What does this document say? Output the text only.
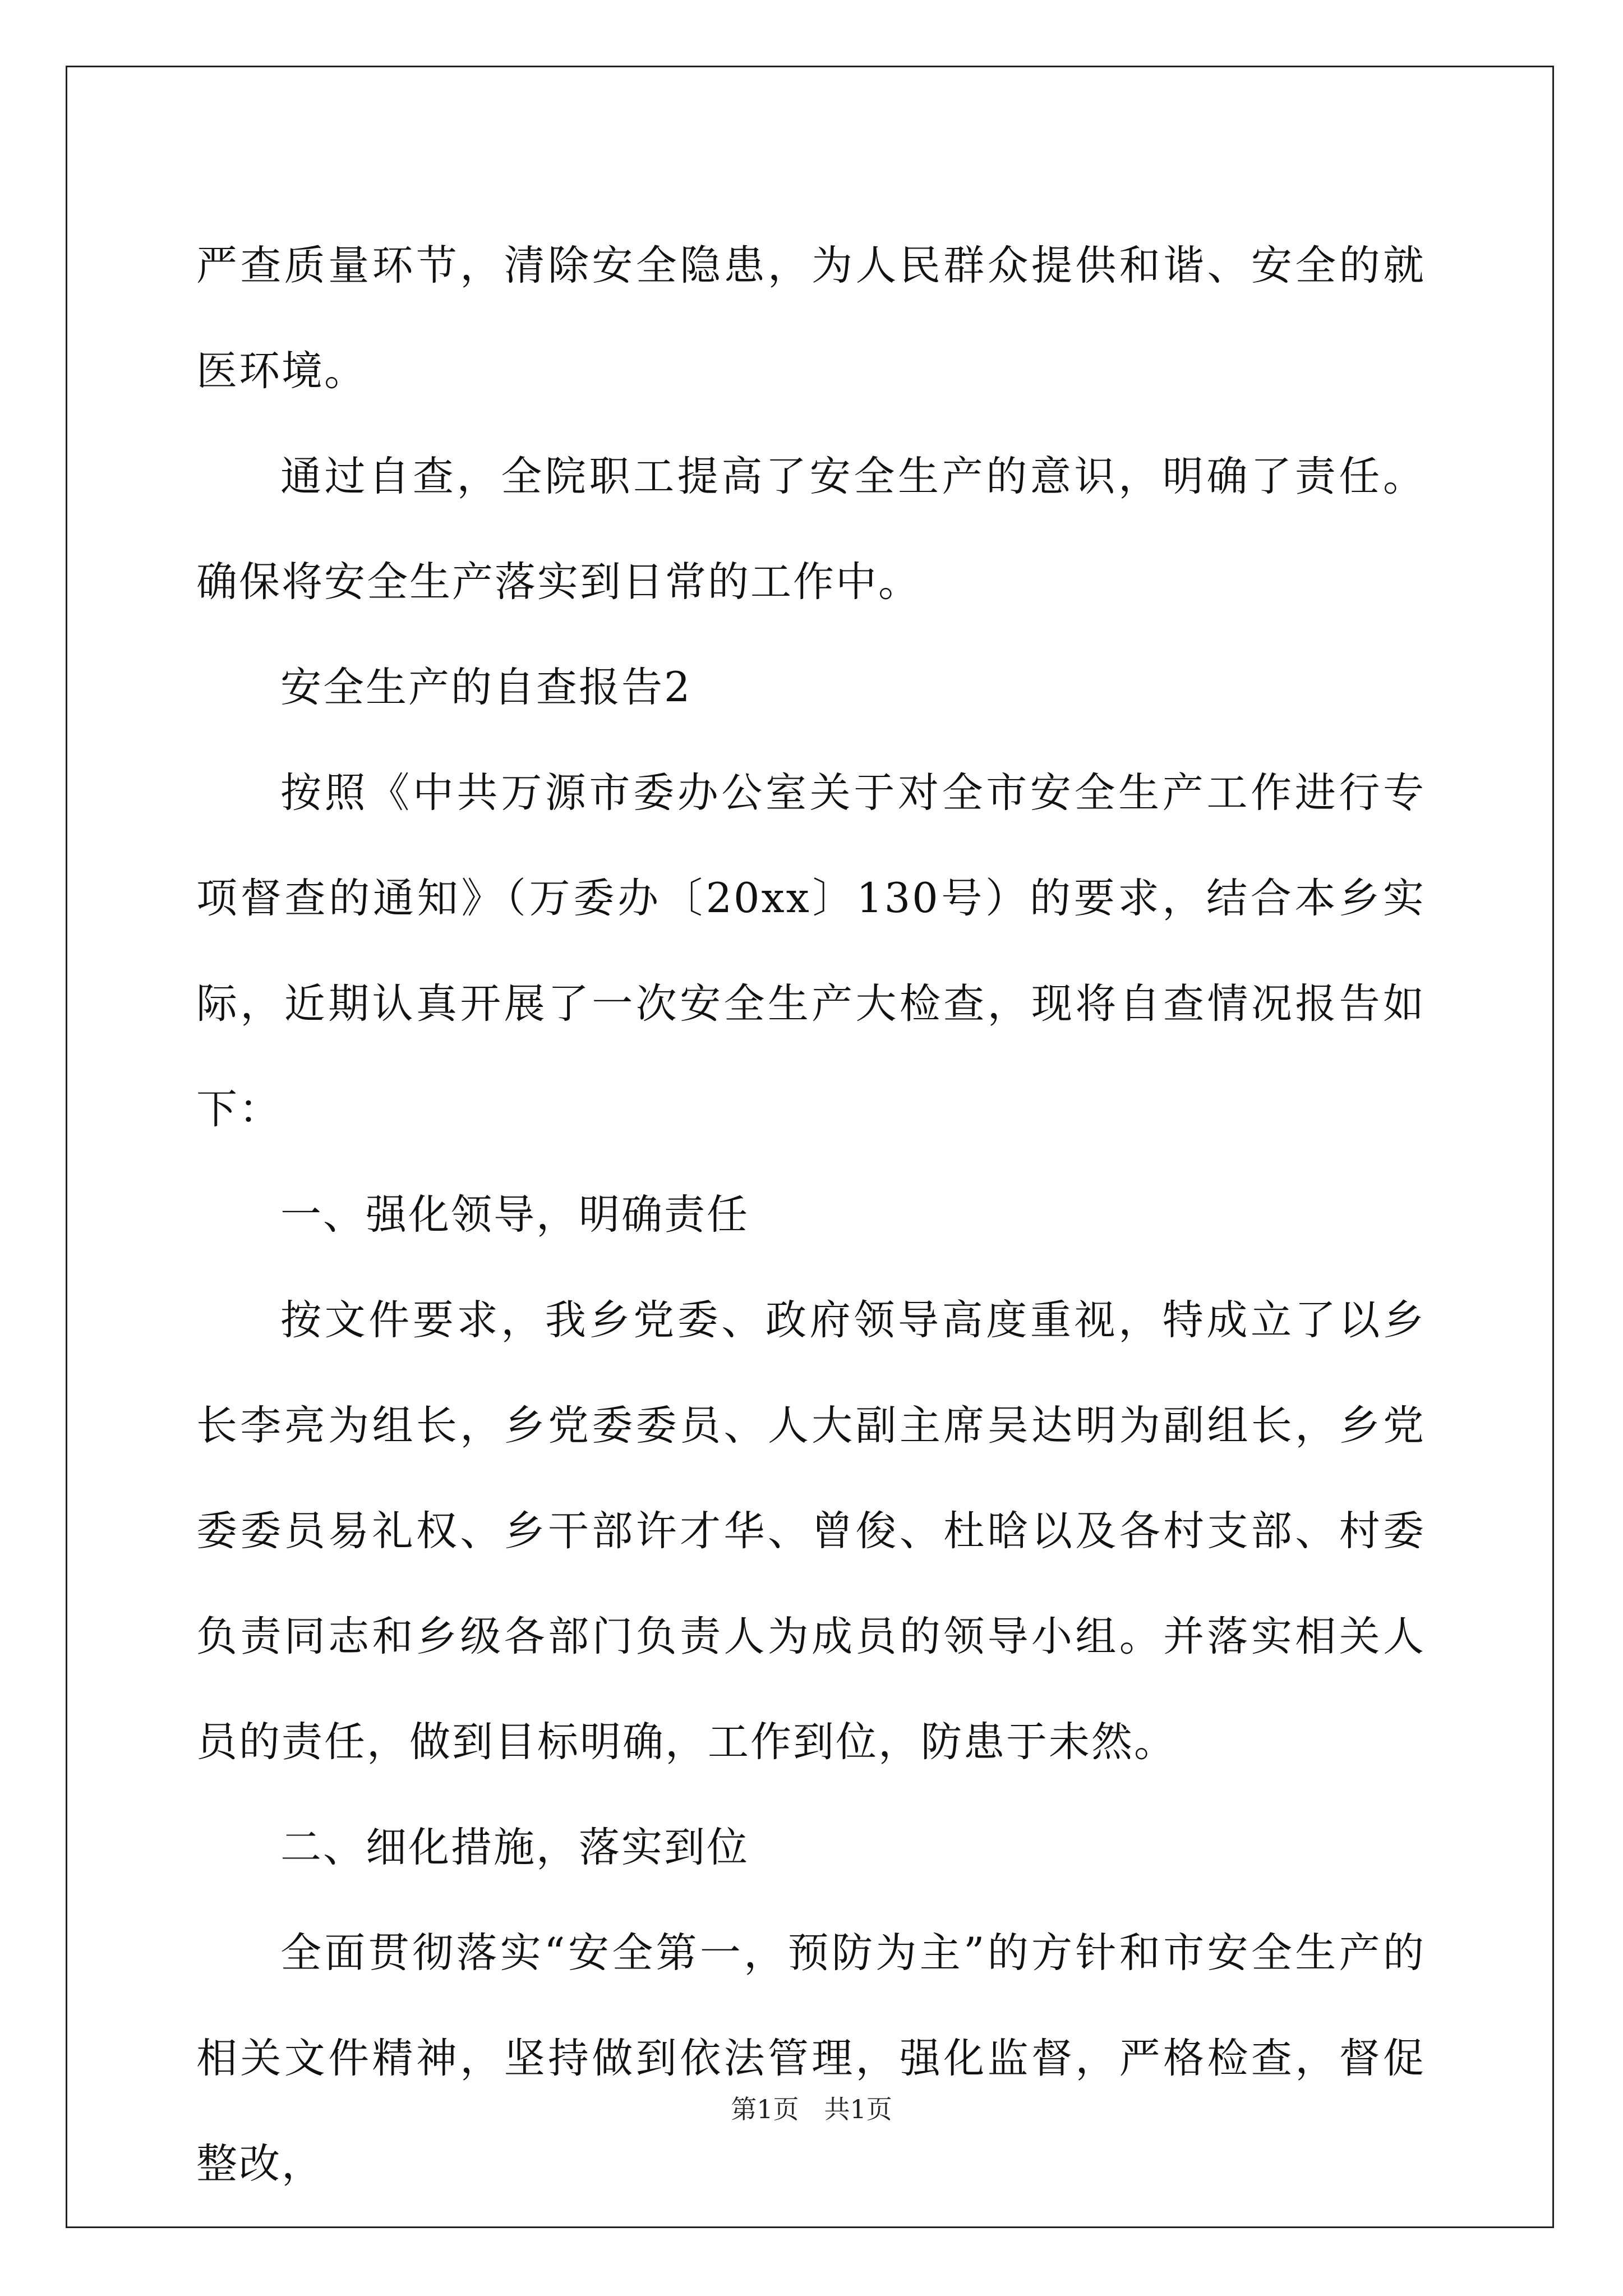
严查质量环节，清除安全隐患，为人民群众提供和谐、安全的就医环境。

通过自查，全院职工提高了安全生产的意识，明确了责任。确保将安全生产落实到日常的工作中。

安全生产的自查报告2

按照《中共万源市委办公室关于对全市安全生产工作进行专项督查的通知》（万委办〔20xx〕130号）的要求，结合本乡实际，近期认真开展了一次安全生产大检查，现将自查情况报告如下：

一、强化领导，明确责任

按文件要求，我乡党委、政府领导高度重视，特成立了以乡长李亮为组长，乡党委委员、人大副主席吴达明为副组长，乡党委委员易礼权、乡干部许才华、曾俊、杜晗以及各村支部、村委负责同志和乡级各部门负责人为成员的领导小组。并落实相关人员的责任，做到目标明确，工作到位，防患于未然。

二、细化措施，落实到位

全面贯彻落实“安全第一，预防为主”的方针和市安全生产的相关文件精神，坚持做到依法管理，强化监督，严格检查，督促整改，

第1页 共1页
